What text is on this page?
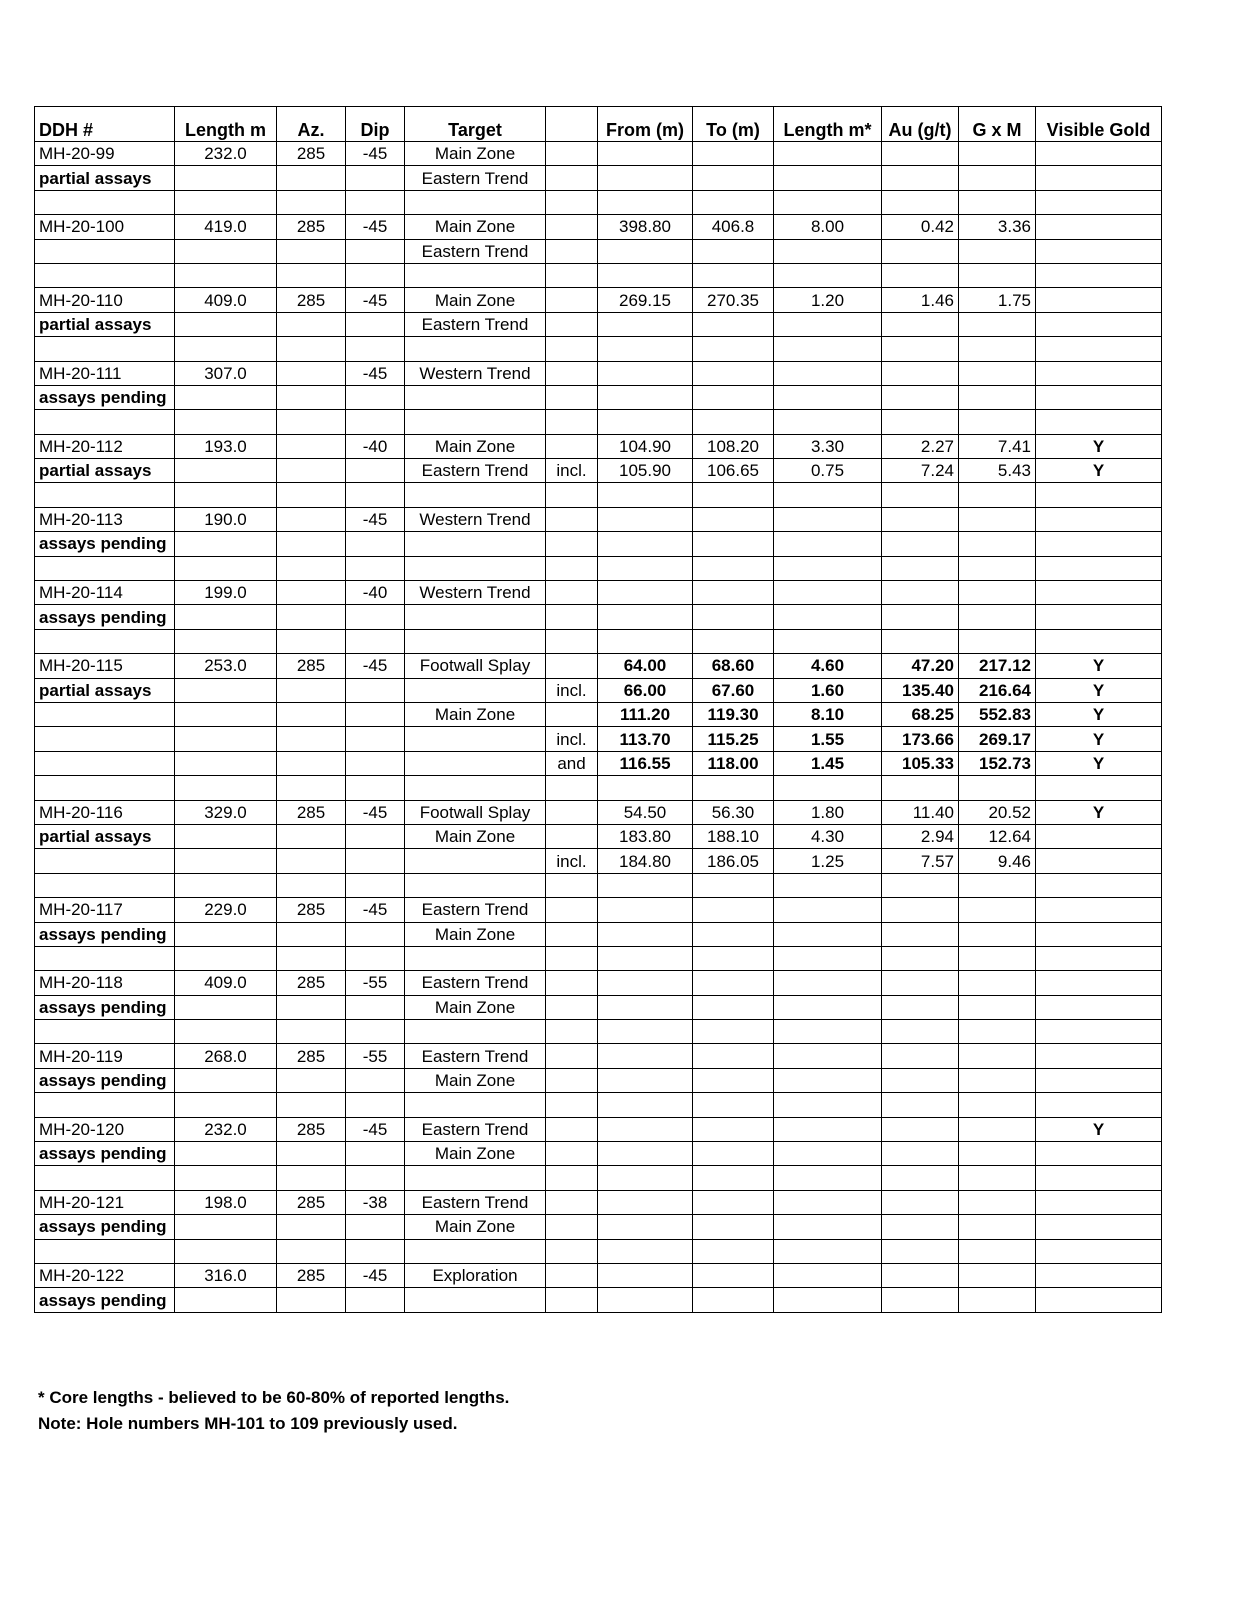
DDH #	Length m	Az.	Dip	Target		From (m)	To (m)	Length m*	Au (g/t)	G x M	Visible Gold
MH-20-99	232.0	285	-45	Main Zone							
partial assays				Eastern Trend							

MH-20-100	419.0	285	-45	Main Zone		398.80	406.8	8.00	0.42	3.36	
				Eastern Trend							

MH-20-110	409.0	285	-45	Main Zone		269.15	270.35	1.20	1.46	1.75	
partial assays				Eastern Trend							

MH-20-111	307.0		-45	Western Trend							
assays pending											

MH-20-112	193.0		-40	Main Zone		104.90	108.20	3.30	2.27	7.41	Y
partial assays				Eastern Trend	incl.	105.90	106.65	0.75	7.24	5.43	Y

MH-20-113	190.0		-45	Western Trend							
assays pending											

MH-20-114	199.0		-40	Western Trend							
assays pending											

MH-20-115	253.0	285	-45	Footwall Splay		64.00	68.60	4.60	47.20	217.12	Y
partial assays					incl.	66.00	67.60	1.60	135.40	216.64	Y
				Main Zone		111.20	119.30	8.10	68.25	552.83	Y
					incl.	113.70	115.25	1.55	173.66	269.17	Y
					and	116.55	118.00	1.45	105.33	152.73	Y

MH-20-116	329.0	285	-45	Footwall Splay		54.50	56.30	1.80	11.40	20.52	Y
partial assays				Main Zone		183.80	188.10	4.30	2.94	12.64	
					incl.	184.80	186.05	1.25	7.57	9.46	

MH-20-117	229.0	285	-45	Eastern Trend							
assays pending				Main Zone							

MH-20-118	409.0	285	-55	Eastern Trend							
assays pending				Main Zone							

MH-20-119	268.0	285	-55	Eastern Trend							
assays pending				Main Zone							

MH-20-120	232.0	285	-45	Eastern Trend							Y
assays pending				Main Zone							

MH-20-121	198.0	285	-38	Eastern Trend							
assays pending				Main Zone							

MH-20-122	316.0	285	-45	Exploration							
assays pending											
* Core lengths - believed to be 60-80% of reported lengths.
Note: Hole numbers MH-101 to 109 previously used.
